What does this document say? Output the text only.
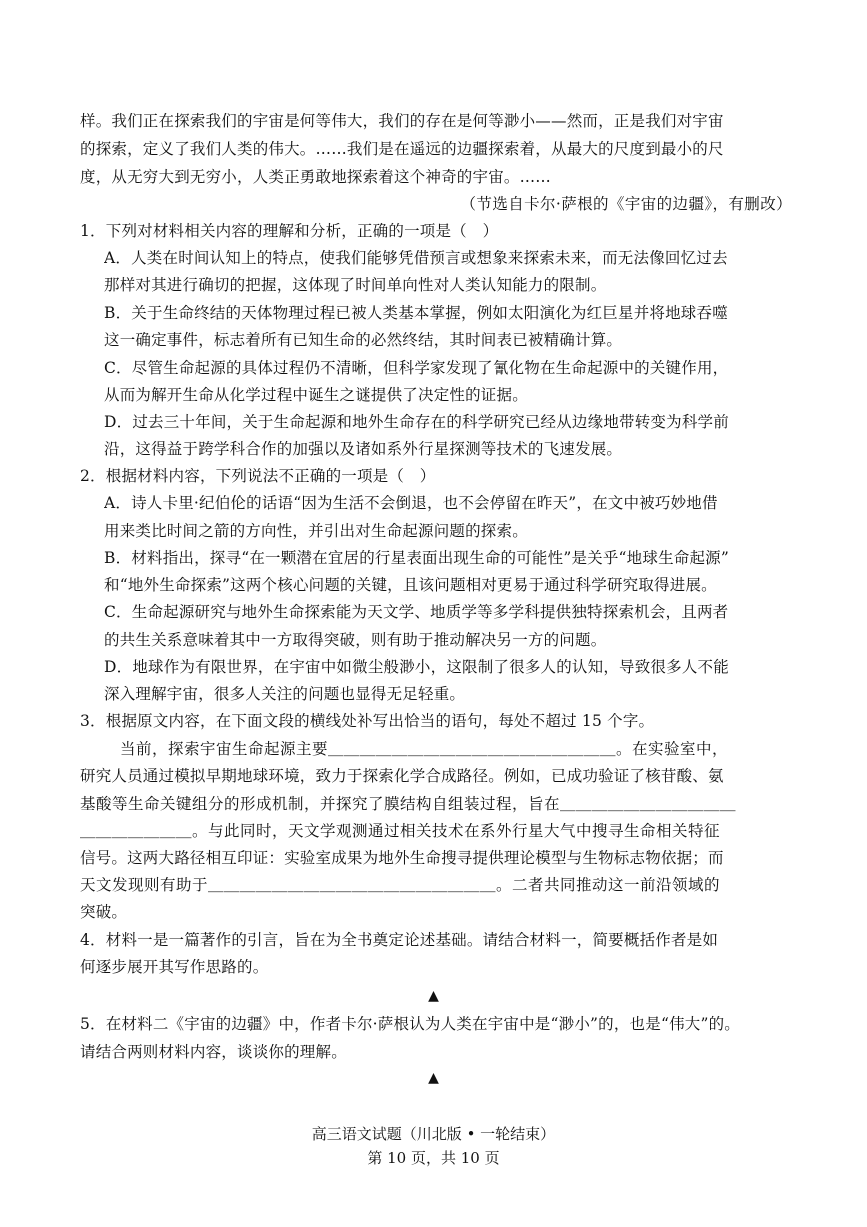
样。我们正在探索我们的宇宙是何等伟大，我们的存在是何等渺小——然而，正是我们对宇宙
的探索，定义了我们人类的伟大。……我们是在遥远的边疆探索着，从最大的尺度到最小的尺
度，从无穷大到无穷小，人类正勇敢地探索着这个神奇的宇宙。……
（节选自卡尔·萨根的《宇宙的边疆》，有删改）
1．下列对材料相关内容的理解和分析，正确的一项是（　）
A．人类在时间认知上的特点，使我们能够凭借预言或想象来探索未来，而无法像回忆过去
那样对其进行确切的把握，这体现了时间单向性对人类认知能力的限制。
B．关于生命终结的天体物理过程已被人类基本掌握，例如太阳演化为红巨星并将地球吞噬
这一确定事件，标志着所有已知生命的必然终结，其时间表已被精确计算。
C．尽管生命起源的具体过程仍不清晰，但科学家发现了氰化物在生命起源中的关键作用，
从而为解开生命从化学过程中诞生之谜提供了决定性的证据。
D．过去三十年间，关于生命起源和地外生命存在的科学研究已经从边缘地带转变为科学前
沿，这得益于跨学科合作的加强以及诸如系外行星探测等技术的飞速发展。
2．根据材料内容，下列说法不正确的一项是（　）
A．诗人卡里·纪伯伦的话语“因为生活不会倒退，也不会停留在昨天”，在文中被巧妙地借
用来类比时间之箭的方向性，并引出对生命起源问题的探索。
B．材料指出，探寻“在一颗潜在宜居的行星表面出现生命的可能性”是关乎“地球生命起源”
和“地外生命探索”这两个核心问题的关键，且该问题相对更易于通过科学研究取得进展。
C．生命起源研究与地外生命探索能为天文学、地质学等多学科提供独特探索机会，且两者
的共生关系意味着其中一方取得突破，则有助于推动解决另一方的问题。
D．地球作为有限世界，在宇宙中如微尘般渺小，这限制了很多人的认知，导致很多人不能
深入理解宇宙，很多人关注的问题也显得无足轻重。
3．根据原文内容，在下面文段的横线处补写出恰当的语句，每处不超过 15 个字。
当前，探索宇宙生命起源主要＿＿＿＿＿＿＿＿＿＿＿＿＿＿＿＿＿＿。在实验室中，
研究人员通过模拟早期地球环境，致力于探索化学合成路径。例如，已成功验证了核苷酸、氨
基酸等生命关键组分的形成机制，并探究了膜结构自组装过程，旨在＿＿＿＿＿＿＿＿＿＿＿
＿＿＿＿＿＿＿。与此同时，天文学观测通过相关技术在系外行星大气中搜寻生命相关特征
信号。这两大路径相互印证：实验室成果为地外生命搜寻提供理论模型与生物标志物依据；而
天文发现则有助于＿＿＿＿＿＿＿＿＿＿＿＿＿＿＿＿＿＿。二者共同推动这一前沿领域的
突破。
4．材料一是一篇著作的引言，旨在为全书奠定论述基础。请结合材料一，简要概括作者是如
何逐步展开其写作思路的。
▲
5．在材料二《宇宙的边疆》中，作者卡尔·萨根认为人类在宇宙中是“渺小”的，也是“伟大”的。
请结合两则材料内容，谈谈你的理解。
▲
高三语文试题（川北版 • 一轮结束）
第 10 页，共 10 页
